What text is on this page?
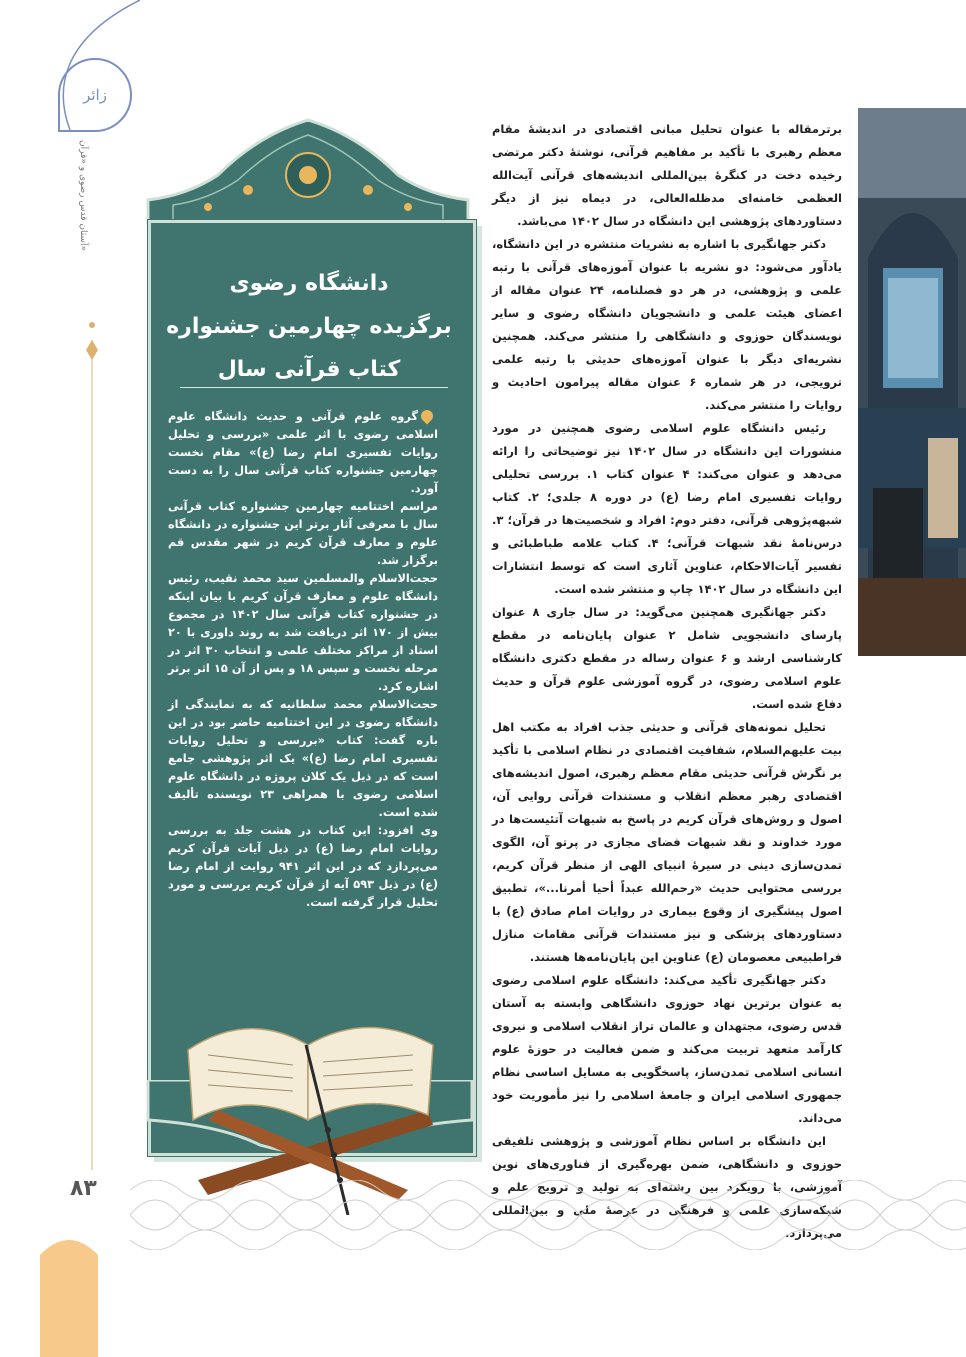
زائر
آستان قدس رضوی و «قرآن»
۸۳
دانشگاه رضوی
برگزیده چهارمین جشنواره
کتاب قرآنی سال

گروه علوم قرآنی و حدیث دانشگاه علوم اسلامی رضوی با اثر علمی «بررسی و تحلیل روایات تفسیری امام رضا (ع)» مقام نخست چهارمین جشنواره کتاب قرآنی سال را به دست آورد.

مراسم اختتامیه چهارمین جشنواره کتاب قرآنی سال با معرفی آثار برتر این جشنواره در دانشگاه علوم و معارف قرآن کریم در شهر مقدس قم برگزار شد.

حجت‌الاسلام والمسلمین سید محمد نقیب، رئیس دانشگاه علوم و معارف قرآن کریم با بیان اینکه در جشنواره کتاب قرآنی سال ۱۴۰۲ در مجموع بیش از ۱۷۰ اثر دریافت شد به روند داوری با ۲۰ استاد از مراکز مختلف علمی و انتخاب ۳۰ اثر در مرحله نخست و سپس ۱۸ و پس از آن ۱۵ اثر برتر اشاره کرد.

حجت‌الاسلام محمد سلطانیه که به نمایندگی از دانشگاه رضوی در این اختتامیه حاضر بود در این باره گفت: کتاب «بررسی و تحلیل روایات تفسیری امام رضا (ع)» یک اثر پژوهشی جامع است که در ذیل یک کلان پروژه در دانشگاه علوم اسلامی رضوی با همراهی ۲۳ نویسنده تألیف شده است.

وی افزود: این کتاب در هشت جلد به بررسی روایات امام رضا (ع) در ذیل آیات قرآن کریم می‌پردازد که در این اثر ۹۴۱ روایت از امام رضا (ع) در ذیل ۵۹۳ آیه از قرآن کریم بررسی و مورد تحلیل قرار گرفته است.

برترمقاله با عنوان تحلیل مبانی اقتصادی در اندیشهٔ مقام معظم رهبری با تأکید بر مفاهیم قرآنی، نوشتهٔ دکتر مرتضی رخیده دخت در کنگرهٔ بین‌المللی اندیشه‌های قرآنی آیت‌الله العظمی خامنه‌ای مدظله‌العالی، در دیماه نیز از دیگر دستاوردهای پژوهشی این دانشگاه در سال ۱۴۰۲ می‌باشد.

دکتر جهانگیری با اشاره به نشریات منتشره در این دانشگاه، یادآور می‌شود: دو نشریه با عنوان آموزه‌های قرآنی با رتبه علمی و پژوهشی، در هر دو فصلنامه، ۲۴ عنوان مقاله از اعضای هیئت علمی و دانشجویان دانشگاه رضوی و سایر نویسندگان حوزوی و دانشگاهی را منتشر می‌کند. همچنین نشریه‌ای دیگر با عنوان آموزه‌های حدیثی با رتبه علمی ترویجی، در هر شماره ۶ عنوان مقاله پیرامون احادیث و روایات را منتشر می‌کند.

رئیس دانشگاه علوم اسلامی رضوی همچنین در مورد منشورات این دانشگاه در سال ۱۴۰۲ نیز توضیحاتی را ارائه می‌دهد و عنوان می‌کند: ۴ عنوان کتاب ۱. بررسی تحلیلی روایات تفسیری امام رضا (ع) در دوره ۸ جلدی؛ ۲. کتاب شبهه‌پژوهی قرآنی، دفتر دوم: افراد و شخصیت‌ها در قرآن؛ ۳. درس‌نامهٔ نقد شبهات قرآنی؛ ۴. کتاب علامه طباطبائی و تفسیر آیات‌الاحکام، عناوین آثاری است که توسط انتشارات این دانشگاه در سال ۱۴۰۲ چاپ و منتشر شده است.

دکتر جهانگیری همچنین می‌گوید: در سال جاری ۸ عنوان پارسای دانشجویی شامل ۲ عنوان پایان‌نامه در مقطع کارشناسی ارشد و ۶ عنوان رساله در مقطع دکتری دانشگاه علوم اسلامی رضوی، در گروه آموزشی علوم قرآن و حدیث دفاع شده است.

تحلیل نمونه‌های قرآنی و حدیثی جذب افراد به مکتب اهل بیت علیهم‌السلام، شفافیت اقتصادی در نظام اسلامی با تأکید بر نگرش قرآنی حدیثی مقام معظم رهبری، اصول اندیشه‌های اقتصادی رهبر معظم انقلاب و مستندات قرآنی روایی آن، اصول و روش‌های قرآن کریم در پاسخ به شبهات آتئیست‌ها در مورد خداوند و نقد شبهات فضای مجازی در پرتو آن، الگوی تمدن‌سازی دینی در سیرهٔ انبیای الهی از منظر قرآن کریم، بررسی محتوایی حدیث «رحم‌الله عبداً أحیا أمرنا...»، تطبیق اصول پیشگیری از وقوع بیماری در روایات امام صادق (ع) با دستاوردهای پزشکی و نیز مستندات قرآنی مقامات منازل فراطبیعی معصومان (ع) عناوین این پایان‌نامه‌ها هستند.

دکتر جهانگیری تأکید می‌کند: دانشگاه علوم اسلامی رضوی به عنوان برترین نهاد حوزوی دانشگاهی وابسته به آستان قدس رضوی، مجتهدان و عالمان تراز انقلاب اسلامی و نیروی کارآمد متعهد تربیت می‌کند و ضمن فعالیت در حوزهٔ علوم انسانی اسلامی تمدن‌ساز، پاسخگویی به مسایل اساسی نظام جمهوری اسلامی ایران و جامعهٔ اسلامی را نیز مأموریت خود می‌داند.

این دانشگاه بر اساس نظام آموزشی و پژوهشی تلفیقی حوزوی و دانشگاهی، ضمن بهره‌گیری از فناوری‌های نوین آموزشی، با رویکرد بین رشته‌ای به تولید و ترویج علم و شبکه‌سازی علمی و فرهنگی در عرصهٔ ملی و بین‌المللی می‌پردازد.
